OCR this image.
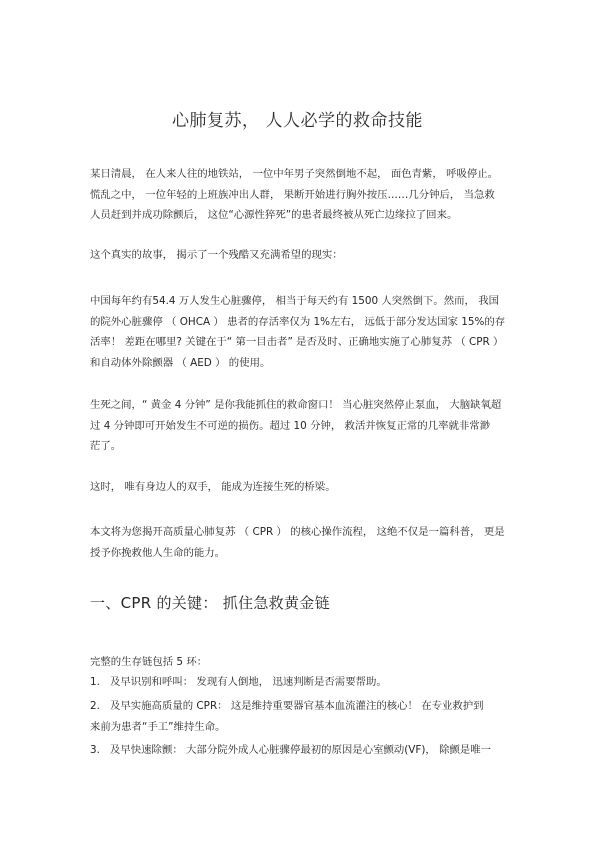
心肺复苏， 人人必学的救命技能
某日清晨， 在人来人往的地铁站， 一位中年男子突然倒地不起， 面色青紫， 呼吸停止。
慌乱之中， 一位年轻的上班族冲出人群， 果断开始进行胸外按压……几分钟后， 当急救
人员赶到并成功除颤后， 这位“心源性猝死”的患者最终被从死亡边缘拉了回来。
这个真实的故事， 揭示了一个残酷又充满希望的现实：
中国每年约有54.4 万人发生心脏骤停， 相当于每天约有 1500 人突然倒下。然而， 我国
的院外心脏骤停 （ OHCA ） 患者的存活率仅为 1%左右， 远低于部分发达国家 15%的存
活率！ 差距在哪里? 关键在于“ 第一目击者” 是否及时、正确地实施了心肺复苏 （ CPR ）
和自动体外除颤器 （ AED ） 的使用。
生死之间，“ 黄金 4 分钟” 是你我能抓住的救命窗口！ 当心脏突然停止泵血， 大脑缺氧超
过 4 分钟即可开始发生不可逆的损伤。超过 10 分钟， 救活并恢复正常的几率就非常渺
茫了。
这时， 唯有身边人的双手， 能成为连接生死的桥梁。
本文将为您揭开高质量心肺复苏 （ CPR ） 的核心操作流程， 这绝不仅是一篇科普， 更是
授予你挽救他人生命的能力。
一、CPR 的关键： 抓住急救黄金链
完整的生存链包括 5 环：
1. 及早识别和呼叫： 发现有人倒地， 迅速判断是否需要帮助。
2. 及早实施高质量的 CPR： 这是维持重要器官基本血流灌注的核心！ 在专业救护到
来前为患者“手工”维持生命。
3. 及早快速除颤： 大部分院外成人心脏骤停最初的原因是心室颤动(VF)， 除颤是唯一
